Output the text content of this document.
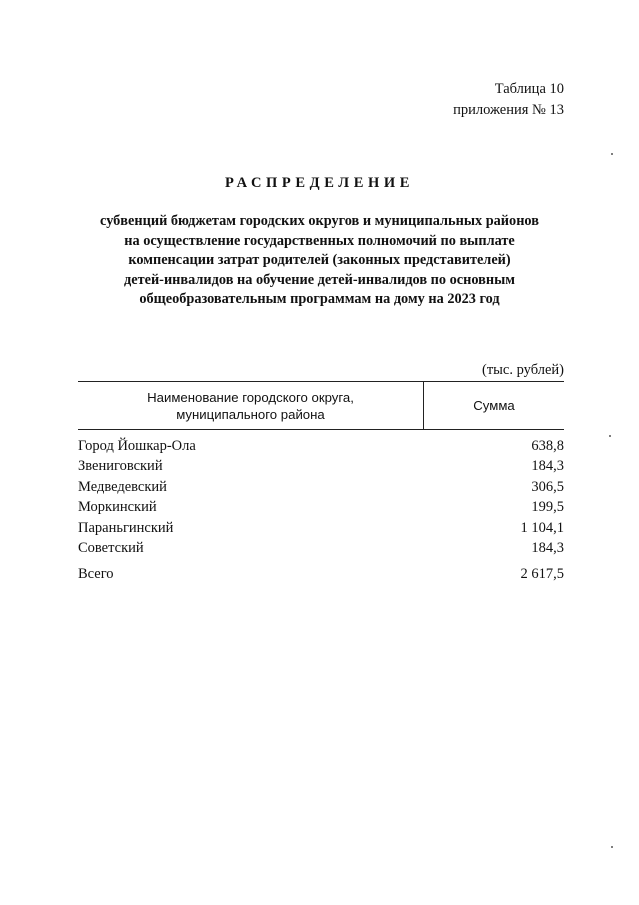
Таблица 10
приложения № 13
РАСПРЕДЕЛЕНИЕ
субвенций бюджетам городских округов и муниципальных районов
на осуществление государственных полномочий по выплате
компенсации затрат родителей (законных представителей)
детей-инвалидов на обучение детей-инвалидов по основным
общеобразовательным программам на дому на 2023 год
(тыс. рублей)
Наименование городского округа,
муниципального района
Сумма
Город Йошкар-Ола	638,8
Звениговский	184,3
Медведевский	306,5
Моркинский	199,5
Параньгинский	1 104,1
Советский	184,3
Всего	2 617,5
